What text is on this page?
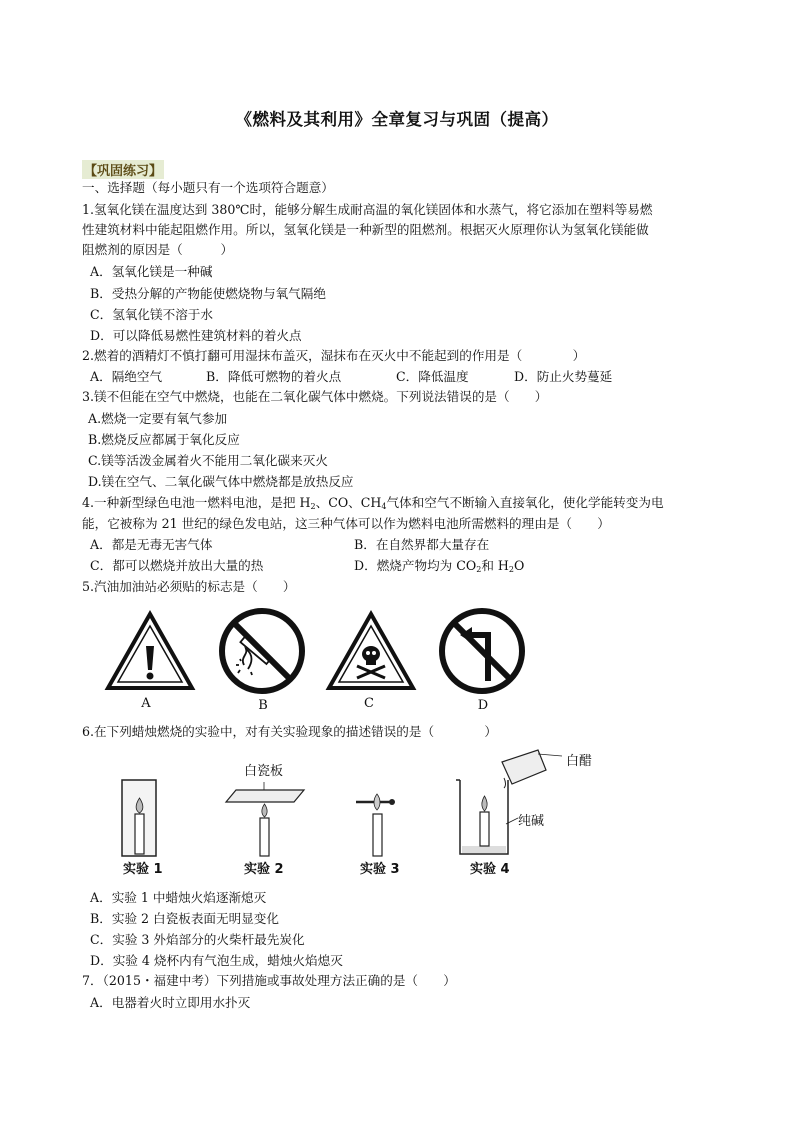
《燃料及其利用》全章复习与巩固（提高）
【巩固练习】
一、选择题（每小题只有一个选项符合题意）
1.氢氧化镁在温度达到 380℃时，能够分解生成耐高温的氧化镁固体和水蒸气，将它添加在塑料等易燃
性建筑材料中能起阻燃作用。所以，氢氧化镁是一种新型的阻燃剂。根据灭火原理你认为氢氧化镁能做
阻燃剂的原因是（　　　）
A．氢氧化镁是一种碱
B．受热分解的产物能使燃烧物与氧气隔绝
C．氢氧化镁不溶于水
D．可以降低易燃性建筑材料的着火点
2.燃着的酒精灯不慎打翻可用湿抹布盖灭，湿抹布在灭火中不能起到的作用是（　　　　）
A．隔绝空气	B．降低可燃物的着火点	C．降低温度	D．防止火势蔓延
3.镁不但能在空气中燃烧，也能在二氧化碳气体中燃烧。下列说法错误的是（　　）
A.燃烧一定要有氧气参加
B.燃烧反应都属于氧化反应
C.镁等活泼金属着火不能用二氧化碳来灭火
D.镁在空气、二氧化碳气体中燃烧都是放热反应
4.一种新型绿色电池一燃料电池，是把 $H_2$、CO、$CH_4$气体和空气不断输入直接氧化，使化学能转变为电
能，它被称为 21 世纪的绿色发电站，这三种气体可以作为燃料电池所需燃料的理由是（　　）
A．都是无毒无害气体	B．在自然界都大量存在
C．都可以燃烧并放出大量的热	D．燃烧产物均为 $CO_2$和 $H_2O$
5.汽油加油站必须贴的标志是（　　）
A	B	C	D
6.在下列蜡烛燃烧的实验中，对有关实验现象的描述错误的是（　　　　）
实验 1
白瓷板
实验 2	实验 3
白醋
纯碱
实验 4
A．实验 1 中蜡烛火焰逐渐熄灭
B．实验 2 白瓷板表面无明显变化
C．实验 3 外焰部分的火柴杆最先炭化
D．实验 4 烧杯内有气泡生成，蜡烛火焰熄灭
7．（2015・福建中考）下列措施或事故处理方法正确的是（　　）
A．电器着火时立即用水扑灭
